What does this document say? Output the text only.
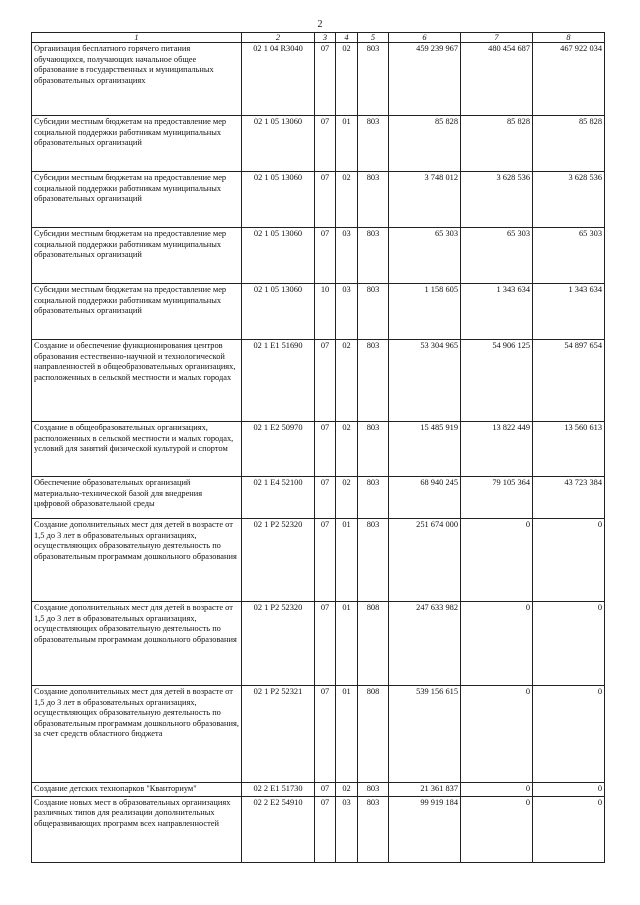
2
1	2	3	4	5	6	7	8
Организация бесплатного горячего питания обучающихся, получающих начальное общее образование в государственных и муниципальных образовательных организациях	02 1 04 R3040	07	02	803	459 239 967	480 454 687	467 922 034
Субсидии местным бюджетам на предоставление мер социальной поддержки работникам муниципальных образовательных организаций	02 1 05 13060	07	01	803	85 828	85 828	85 828
Субсидии местным бюджетам на предоставление мер социальной поддержки работникам муниципальных образовательных организаций	02 1 05 13060	07	02	803	3 748 012	3 628 536	3 628 536
Субсидии местным бюджетам на предоставление мер социальной поддержки работникам муниципальных образовательных организаций	02 1 05 13060	07	03	803	65 303	65 303	65 303
Субсидии местным бюджетам на предоставление мер социальной поддержки работникам муниципальных образовательных организаций	02 1 05 13060	10	03	803	1 158 605	1 343 634	1 343 634
Создание и обеспечение функционирования центров образования естественно-научной и технологической направленностей в общеобразовательных организациях, расположенных в сельской местности и малых городах	02 1 E1 51690	07	02	803	53 304 965	54 906 125	54 897 654
Создание в общеобразовательных организациях, расположенных в сельской местности и малых городах, условий для занятий физической культурой и спортом	02 1 E2 50970	07	02	803	15 485 919	13 822 449	13 560 613
Обеспечение образовательных организаций материально-технической базой для внедрения цифровой образовательной среды	02 1 E4 52100	07	02	803	68 940 245	79 105 364	43 723 384
Создание дополнительных мест для детей в возрасте от 1,5 до 3 лет в образовательных организациях, осуществляющих образовательную деятельность по образовательным программам дошкольного образования	02 1 P2 52320	07	01	803	251 674 000	0	0
Создание дополнительных мест для детей в возрасте от 1,5 до 3 лет в образовательных организациях, осуществляющих образовательную деятельность по образовательным программам дошкольного образования	02 1 P2 52320	07	01	808	247 633 982	0	0
Создание дополнительных мест для детей в возрасте от 1,5 до 3 лет в образовательных организациях, осуществляющих образовательную деятельность по образовательным программам дошкольного образования, за счет средств областного бюджета	02 1 P2 52321	07	01	808	539 156 615	0	0
Создание детских технопарков "Кванториум"	02 2 E1 51730	07	02	803	21 361 837	0	0
Создание новых мест в образовательных организациях различных типов для реализации дополнительных общеразвивающих программ всех направленностей	02 2 E2 54910	07	03	803	99 919 184	0	0
